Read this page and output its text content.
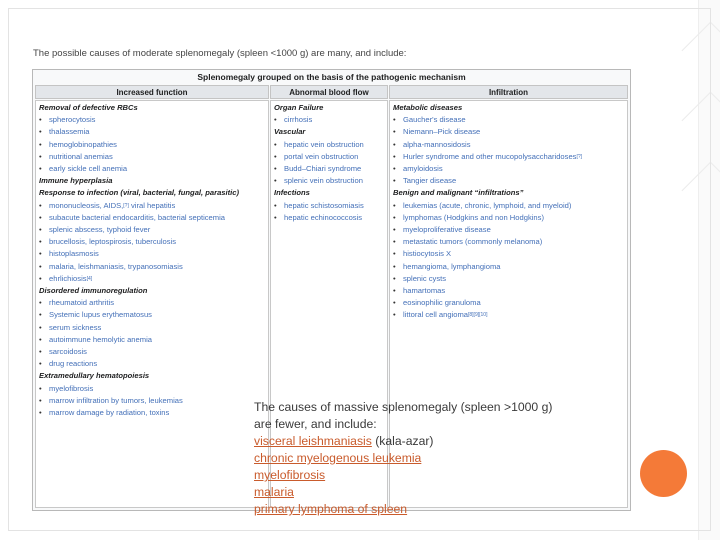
The possible causes of moderate splenomegaly (spleen <1000 g) are many, and include:
Splenomegaly grouped on the basis of the pathogenic mechanism
Increased function	Abnormal blood flow	Infiltration
Removal of defective RBCs
• spherocytosis
• thalassemia
• hemoglobinopathies
• nutritional anemias
• early sickle cell anemia
Immune hyperplasia
Response to infection (viral, bacterial, fungal, parasitic)
• mononucleosis, AIDS,[?] viral hepatitis
• subacute bacterial endocarditis, bacterial septicemia
• splenic abscess, typhoid fever
• brucellosis, leptospirosis, tuberculosis
• histoplasmosis
• malaria, leishmaniasis, trypanosomiasis
• ehrlichiosis[4]
Disordered immunoregulation
• rheumatoid arthritis
• Systemic lupus erythematosus
• serum sickness
• autoimmune hemolytic anemia
• sarcoidosis
• drug reactions
Extramedullary hematopoiesis
• myelofibrosis
• marrow infiltration by tumors, leukemias
• marrow damage by radiation, toxins
Organ Failure
• cirrhosis
Vascular
• hepatic vein obstruction
• portal vein obstruction
• Budd–Chiari syndrome
• splenic vein obstruction
Infections
• hepatic schistosomiasis
• hepatic echinococcosis
Metabolic diseases
• Gaucher's disease
• Niemann–Pick disease
• alpha-mannosidosis
• Hurler syndrome and other mucopolysaccharidoses[?]
• amyloidosis
• Tangier disease
Benign and malignant “infiltrations”
• leukemias (acute, chronic, lymphoid, and myeloid)
• lymphomas (Hodgkins and non Hodgkins)
• myeloproliferative disease
• metastatic tumors (commonly melanoma)
• histiocytosis X
• hemangioma, lymphangioma
• splenic cysts
• hamartomas
• eosinophilic granuloma
• littoral cell angioma[8][9][10]
The causes of massive splenomegaly (spleen >1000 g)
are fewer, and include:
visceral leishmaniasis (kala-azar)
chronic myelogenous leukemia
myelofibrosis
malaria
primary lymphoma of spleen
